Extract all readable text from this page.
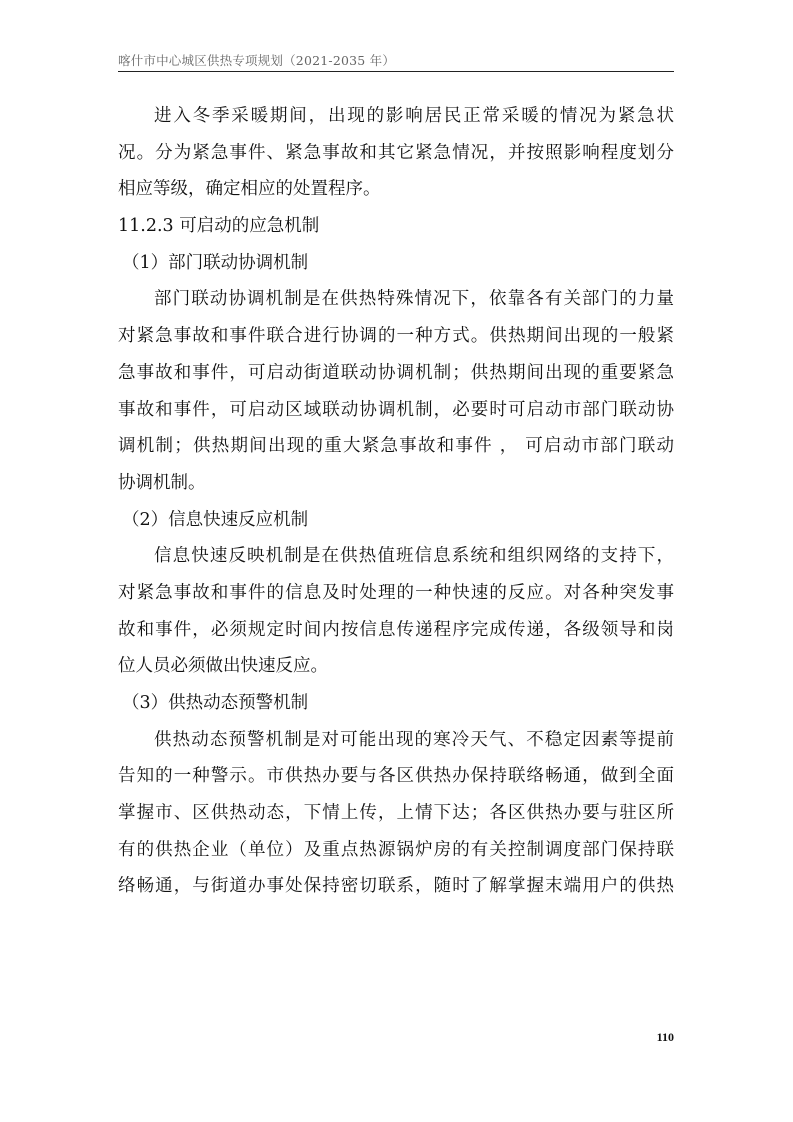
喀什市中心城区供热专项规划（2021-2035 年）
进入冬季采暖期间，出现的影响居民正常采暖的情况为紧急状
况。分为紧急事件、紧急事故和其它紧急情况，并按照影响程度划分
相应等级，确定相应的处置程序。
11.2.3 可启动的应急机制
（1）部门联动协调机制
部门联动协调机制是在供热特殊情况下，依靠各有关部门的力量
对紧急事故和事件联合进行协调的一种方式。供热期间出现的一般紧
急事故和事件，可启动街道联动协调机制；供热期间出现的重要紧急
事故和事件，可启动区域联动协调机制，必要时可启动市部门联动协
调机制；供热期间出现的重大紧急事故和事件 ， 可启动市部门联动
协调机制。
（2）信息快速反应机制
信息快速反映机制是在供热值班信息系统和组织网络的支持下，
对紧急事故和事件的信息及时处理的一种快速的反应。对各种突发事
故和事件，必须规定时间内按信息传递程序完成传递，各级领导和岗
位人员必须做出快速反应。
（3）供热动态预警机制
供热动态预警机制是对可能出现的寒冷天气、不稳定因素等提前
告知的一种警示。市供热办要与各区供热办保持联络畅通，做到全面
掌握市、区供热动态，下情上传，上情下达；各区供热办要与驻区所
有的供热企业（单位）及重点热源锅炉房的有关控制调度部门保持联
络畅通，与街道办事处保持密切联系，随时了解掌握末端用户的供热
110
